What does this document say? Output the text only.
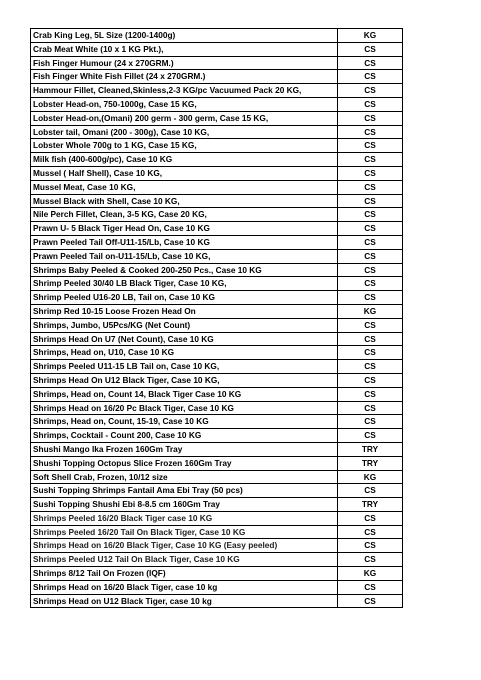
Crab King Leg, 5L Size (1200-1400g)	KG
Crab Meat White (10 x 1 KG Pkt.),	CS
Fish Finger Humour (24 x 270GRM.)	CS
Fish Finger White Fish Fillet (24 x 270GRM.)	CS
Hammour Fillet, Cleaned,Skinless,2-3 KG/pc Vacuumed Pack 20 KG,	CS
Lobster Head-on, 750-1000g, Case 15 KG,	CS
Lobster Head-on,(Omani) 200 germ - 300 germ, Case 15 KG,	CS
Lobster tail, Omani (200 - 300g), Case 10 KG,	CS
Lobster Whole 700g to 1 KG, Case 15 KG,	CS
Milk fish (400-600g/pc), Case 10 KG	CS
Mussel ( Half Shell), Case 10 KG,	CS
Mussel Meat, Case 10 KG,	CS
Mussel Black with Shell, Case 10 KG,	CS
Nile Perch Fillet, Clean, 3-5 KG, Case 20 KG,	CS
Prawn U- 5 Black Tiger Head On, Case 10 KG	CS
Prawn Peeled Tail Off-U11-15/Lb, Case 10 KG	CS
Prawn Peeled Tail on-U11-15/Lb, Case 10 KG,	CS
Shrimps Baby Peeled & Cooked 200-250 Pcs., Case 10 KG	CS
Shrimp Peeled 30/40 LB Black Tiger, Case 10 KG,	CS
Shrimp Peeled U16-20 LB, Tail on, Case 10 KG	CS
Shrimp Red 10-15 Loose Frozen Head On	KG
Shrimps, Jumbo, U5Pcs/KG (Net Count)	CS
Shrimps Head On U7 (Net Count), Case 10 KG	CS
Shrimps, Head on, U10, Case 10 KG	CS
Shrimps Peeled U11-15 LB Tail on, Case 10 KG,	CS
Shrimps Head On U12 Black Tiger, Case 10 KG,	CS
Shrimps, Head on, Count 14, Black Tiger Case 10 KG	CS
Shrimps Head on 16/20 Pc Black Tiger, Case 10 KG	CS
Shrimps, Head on, Count, 15-19, Case 10 KG	CS
Shrimps, Cocktail - Count 200, Case 10 KG	CS
Shushi Mango Ika Frozen 160Gm Tray	TRY
Shushi Topping Octopus Slice Frozen 160Gm Tray	TRY
Soft Shell Crab, Frozen, 10/12 size	KG
Sushi Topping Shrimps Fantail Ama Ebi Tray (50 pcs)	CS
Sushi Topping Shushi Ebi 8-8.5 cm 160Gm Tray	TRY
Shrimps Peeled 16/20 Black Tiger case 10 KG	CS
Shrimps Peeled 16/20 Tail On Black Tiger, Case 10 KG	CS
Shrimps Head on 16/20 Black Tiger, Case 10 KG (Easy peeled)	CS
Shrimps Peeled U12 Tail On Black Tiger, Case 10 KG	CS
Shrimps 8/12 Tail On Frozen (IQF)	KG
Shrimps Head on 16/20 Black Tiger, case 10 kg	CS
Shrimps Head on U12 Black Tiger, case 10 kg	CS
